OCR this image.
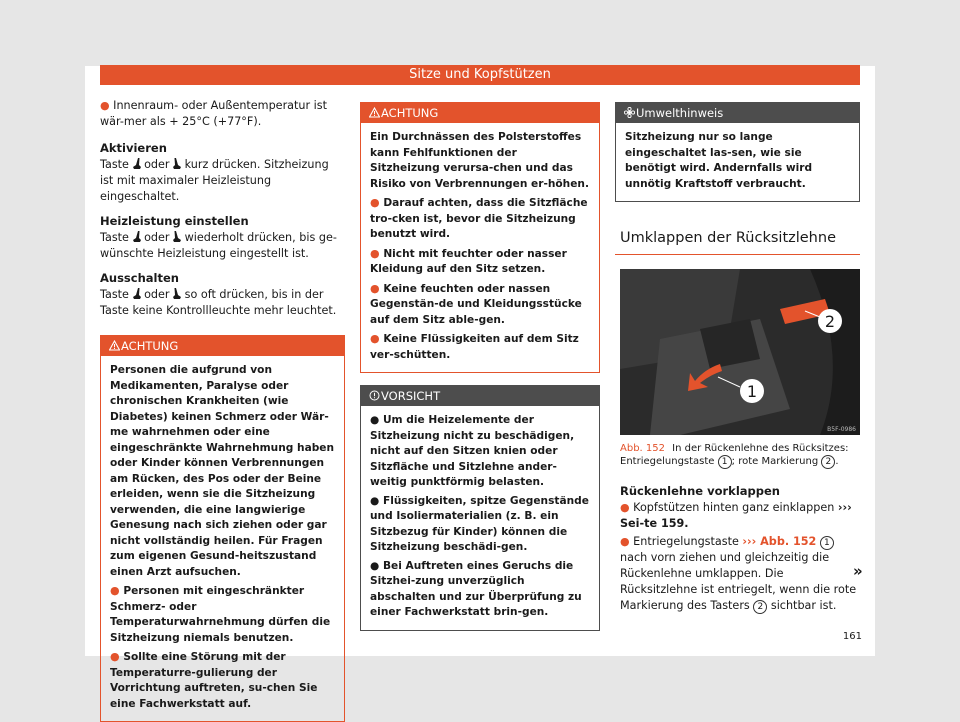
Sitze und Kopfstützen

● Innenraum- oder Außentemperatur ist wär-mer als + 25°C (+77°F).

Aktivieren

Taste oder kurz drücken. Sitzheizung ist mit maximaler Heizleistung eingeschaltet.

Heizleistung einstellen

Taste oder wiederholt drücken, bis ge-wünschte Heizleistung eingestellt ist.

Ausschalten

Taste oder so oft drücken, bis in der Taste keine Kontrollleuchte mehr leuchtet.

ACHTUNG

Personen die aufgrund von Medikamenten, Paralyse oder chronischen Krankheiten (wie Diabetes) keinen Schmerz oder Wär-me wahrnehmen oder eine eingeschränkte Wahrnehmung haben oder Kinder können Verbrennungen am Rücken, des Pos oder der Beine erleiden, wenn sie die Sitzheizung verwenden, die eine langwierige Genesung nach sich ziehen oder gar nicht vollständig heilen. Für Fragen zum eigenen Gesund-heitszustand einen Arzt aufsuchen.

● Personen mit eingeschränkter Schmerz- oder Temperaturwahrnehmung dürfen die Sitzheizung niemals benutzen.

● Sollte eine Störung mit der Temperaturre-gulierung der Vorrichtung auftreten, su-chen Sie eine Fachwerkstatt auf.

ACHTUNG

Ein Durchnässen des Polsterstoffes kann Fehlfunktionen der Sitzheizung verursa-chen und das Risiko von Verbrennungen er-höhen.

● Darauf achten, dass die Sitzfläche tro-cken ist, bevor die Sitzheizung benutzt wird.

● Nicht mit feuchter oder nasser Kleidung auf den Sitz setzen.

● Keine feuchten oder nassen Gegenstän-de und Kleidungsstücke auf dem Sitz able-gen.

● Keine Flüssigkeiten auf dem Sitz ver-schütten.

VORSICHT

● Um die Heizelemente der Sitzheizung nicht zu beschädigen, nicht auf den Sitzen knien oder Sitzfläche und Sitzlehne ander-weitig punktförmig belasten.

● Flüssigkeiten, spitze Gegenstände und Isoliermaterialien (z. B. ein Sitzbezug für Kinder) können die Sitzheizung beschädi-gen.

● Bei Auftreten eines Geruchs die Sitzhei-zung unverzüglich abschalten und zur Überprüfung zu einer Fachwerkstatt brin-gen.

Umwelthinweis

Sitzheizung nur so lange eingeschaltet las-sen, wie sie benötigt wird. Andernfalls wird unnötig Kraftstoff verbraucht.

Umklappen der Rücksitzlehne
2
1
B5F-0986

Abb. 152 In der Rückenlehne des Rücksitzes: Entriegelungstaste 1 ; rote Markierung 2 .

Rückenlehne vorklappen

● Kopfstützen hinten ganz einklappen ››› Sei-te 159.

● Entriegelungstaste ››› Abb. 152 1 nach vorn ziehen und gleichzeitig die Rückenlehne umklappen. Die Rücksitzlehne ist entriegelt, wenn die rote Markierung des Tasters 2 sichtbar ist.

»
161
